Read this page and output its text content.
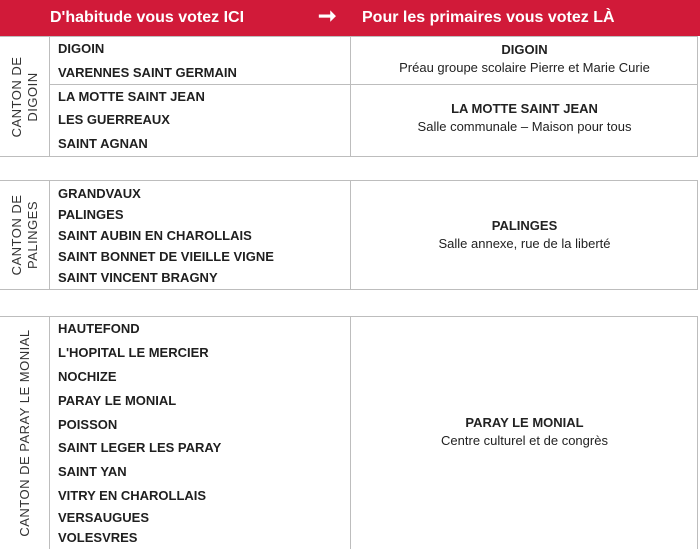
D'habitude vous votez ICI	➞ Pour les primaires vous votez LÀ
CANTON DE DIGOIN
DIGOIN
VARENNES SAINT GERMAIN
DIGOIN
Préau groupe scolaire Pierre et Marie Curie
LA MOTTE SAINT JEAN
LES GUERREAUX
SAINT AGNAN
LA MOTTE SAINT JEAN
Salle communale – Maison pour tous
CANTON DE PALINGES
GRANDVAUX
PALINGES
SAINT AUBIN EN CHAROLLAIS
SAINT BONNET DE VIEILLE VIGNE
SAINT VINCENT BRAGNY
PALINGES
Salle annexe, rue de la liberté
CANTON DE PARAY LE MONIAL
HAUTEFOND
L'HOPITAL LE MERCIER
NOCHIZE
PARAY LE MONIAL
POISSON
SAINT LEGER LES PARAY
SAINT YAN
VITRY EN CHAROLLAIS
VERSAUGUES
VOLESVRES
PARAY LE MONIAL
Centre culturel et de congrès
